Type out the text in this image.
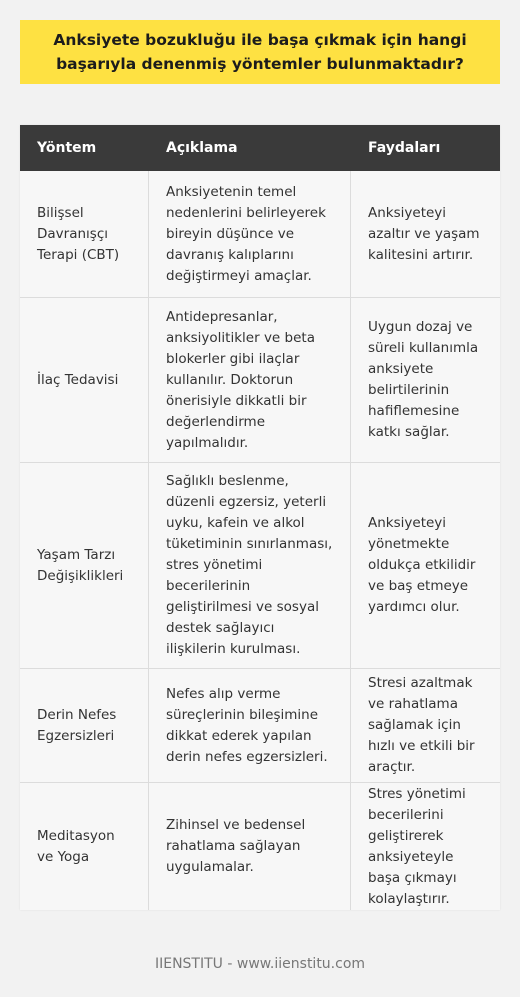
Anksiyete bozukluğu ile başa çıkmak için hangi başarıyla denenmiş yöntemler bulunmaktadır?
Yöntem	Açıklama	Faydaları
Bilişsel Davranışçı Terapi (CBT)
Anksiyetenin temel nedenlerini belirleyerek bireyin düşünce ve davranış kalıplarını değiştirmeyi amaçlar.
Anksiyeteyi azaltır ve yaşam kalitesini artırır.
İlaç Tedavisi
Antidepresanlar, anksiyolitikler ve beta blokerler gibi ilaçlar kullanılır. Doktorun önerisiyle dikkatli bir değerlendirme yapılmalıdır.
Uygun dozaj ve süreli kullanımla anksiyete belirtilerinin hafiflemesine katkı sağlar.
Yaşam Tarzı Değişiklikleri
Sağlıklı beslenme, düzenli egzersiz, yeterli uyku, kafein ve alkol tüketiminin sınırlanması, stres yönetimi becerilerinin geliştirilmesi ve sosyal destek sağlayıcı ilişkilerin kurulması.
Anksiyeteyi yönetmekte oldukça etkilidir ve baş etmeye yardımcı olur.
Derin Nefes Egzersizleri
Nefes alıp verme süreçlerinin bileşimine dikkat ederek yapılan derin nefes egzersizleri.
Stresi azaltmak ve rahatlama sağlamak için hızlı ve etkili bir araçtır.
Meditasyon ve Yoga
Zihinsel ve bedensel rahatlama sağlayan uygulamalar.
Stres yönetimi becerilerini geliştirerek anksiyeteyle başa çıkmayı kolaylaştırır.
IIENSTITU - www.iienstitu.com
